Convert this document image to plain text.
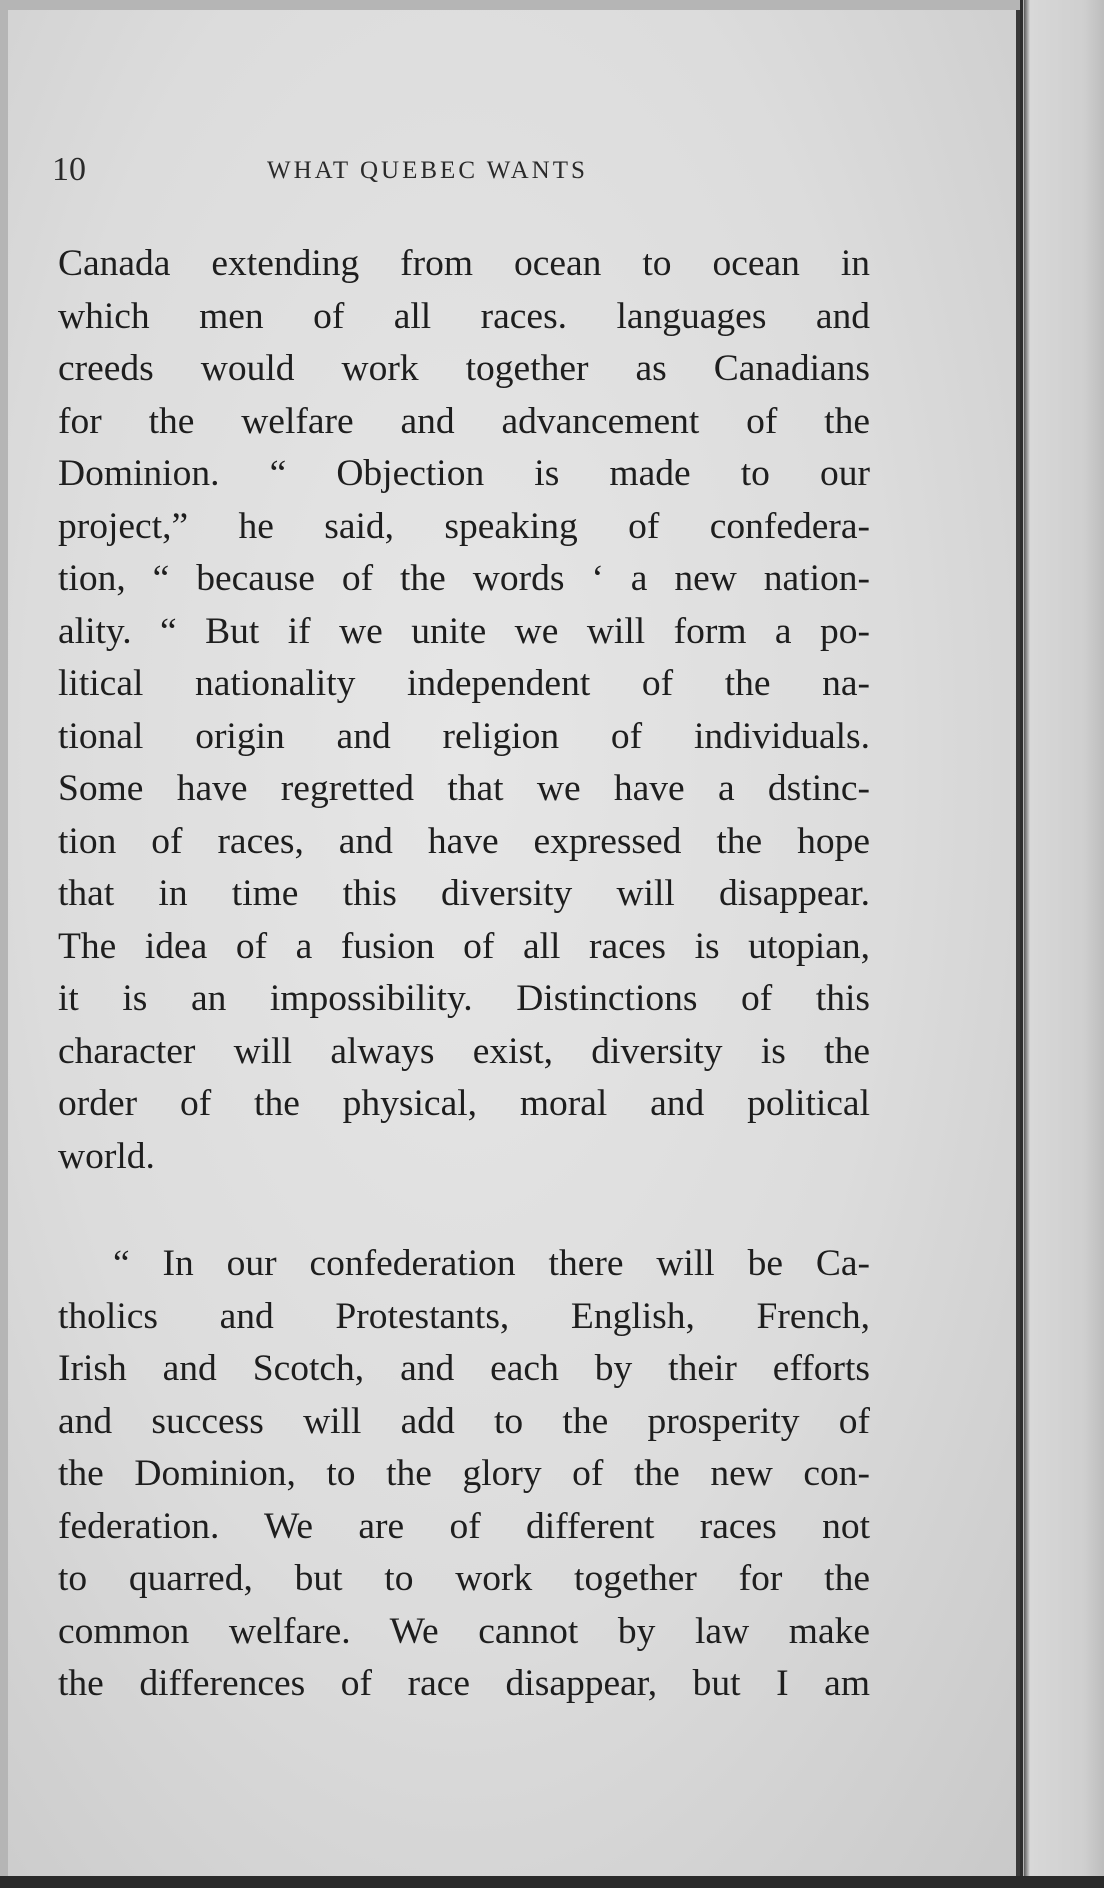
10	WHAT QUEBEC WANTS

Canada extending from ocean to ocean in
which men of all races. languages and
creeds would work together as Canadians
for the welfare and advancement of the
Dominion. “ Objection is made to our
project,” he said, speaking of confedera-
tion, “ because of the words ‘ a new nation-
ality. “ But if we unite we will form a po-
litical nationality independent of the na-
tional origin and religion of individuals.
Some have regretted that we have a dstinc-
tion of races, and have expressed the hope
that in time this diversity will disappear.
The idea of a fusion of all races is utopian,
it is an impossibility. Distinctions of this
character will always exist, diversity is the
order of the physical, moral and political
world.

“ In our confederation there will be Ca-
tholics and Protestants, English, French,
Irish and Scotch, and each by their efforts
and success will add to the prosperity of
the Dominion, to the glory of the new con-
federation. We are of different races not
to quarred, but to work together for the
common welfare. We cannot by law make
the differences of race disappear, but I am
